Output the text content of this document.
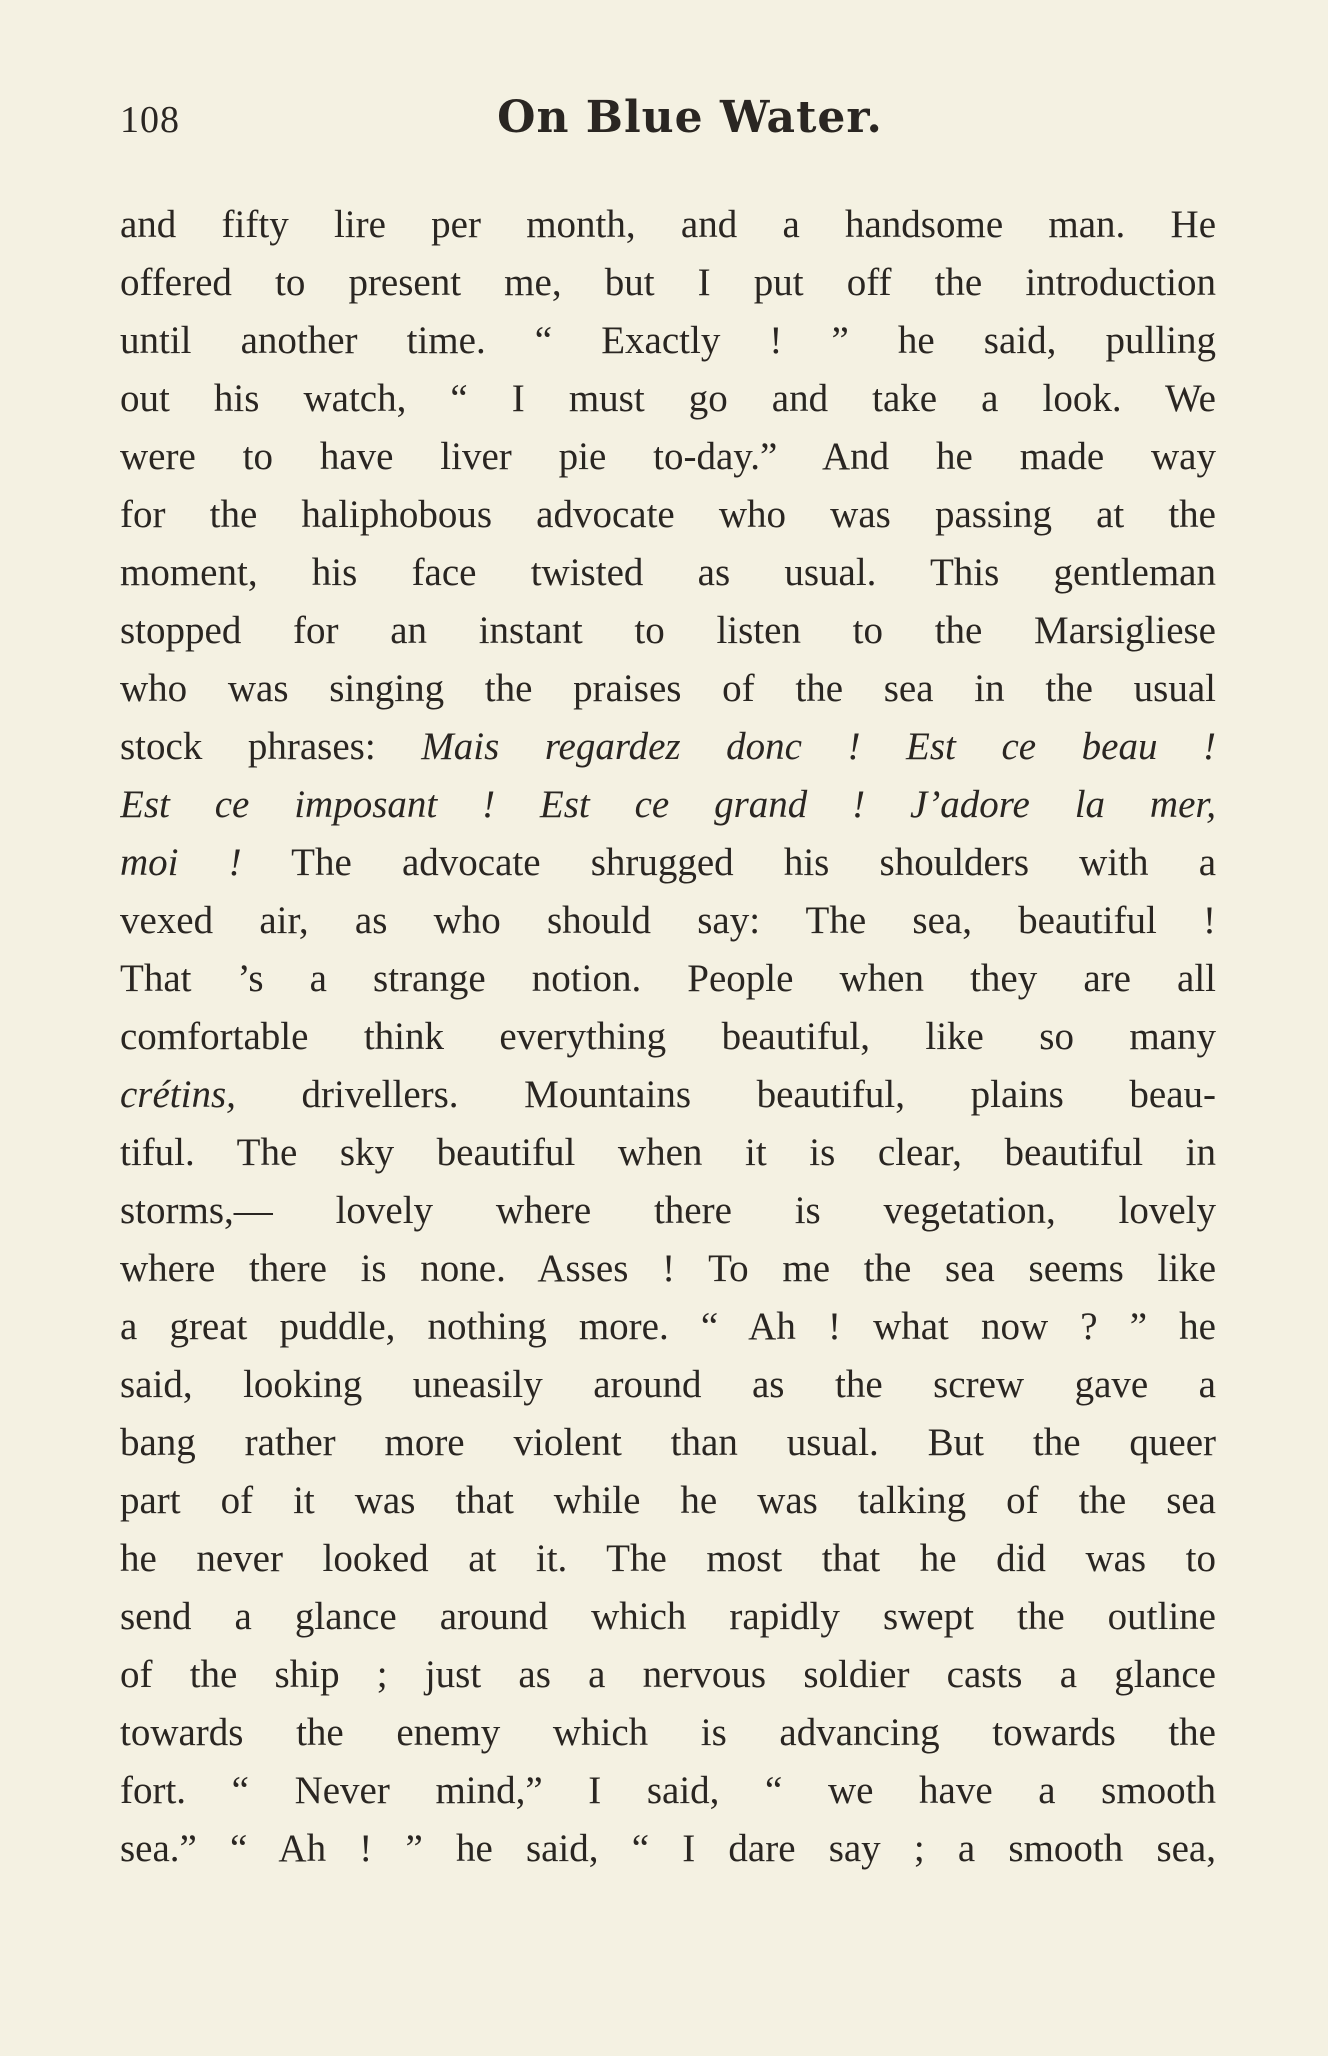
108	On Blue Water.
and fifty lire per month, and a handsome man. He
offered to present me, but I put off the introduction
until another time. “ Exactly ! ” he said, pulling
out his watch, “ I must go and take a look. We
were to have liver pie to-day.” And he made way
for the haliphobous advocate who was passing at the
moment, his face twisted as usual. This gentleman
stopped for an instant to listen to the Marsigliese
who was singing the praises of the sea in the usual
stock phrases: Mais regardez donc ! Est ce beau !
Est ce imposant ! Est ce grand ! J’adore la mer,
moi ! The advocate shrugged his shoulders with a
vexed air, as who should say: The sea, beautiful !
That ’s a strange notion. People when they are all
comfortable think everything beautiful, like so many
crétins, drivellers. Mountains beautiful, plains beau-
tiful. The sky beautiful when it is clear, beautiful in
storms,— lovely where there is vegetation, lovely
where there is none. Asses ! To me the sea seems like
a great puddle, nothing more. “ Ah ! what now ? ” he
said, looking uneasily around as the screw gave a
bang rather more violent than usual. But the queer
part of it was that while he was talking of the sea
he never looked at it. The most that he did was to
send a glance around which rapidly swept the outline
of the ship ; just as a nervous soldier casts a glance
towards the enemy which is advancing towards the
fort. “ Never mind,” I said, “ we have a smooth
sea.” “ Ah ! ” he said, “ I dare say ; a smooth sea,
